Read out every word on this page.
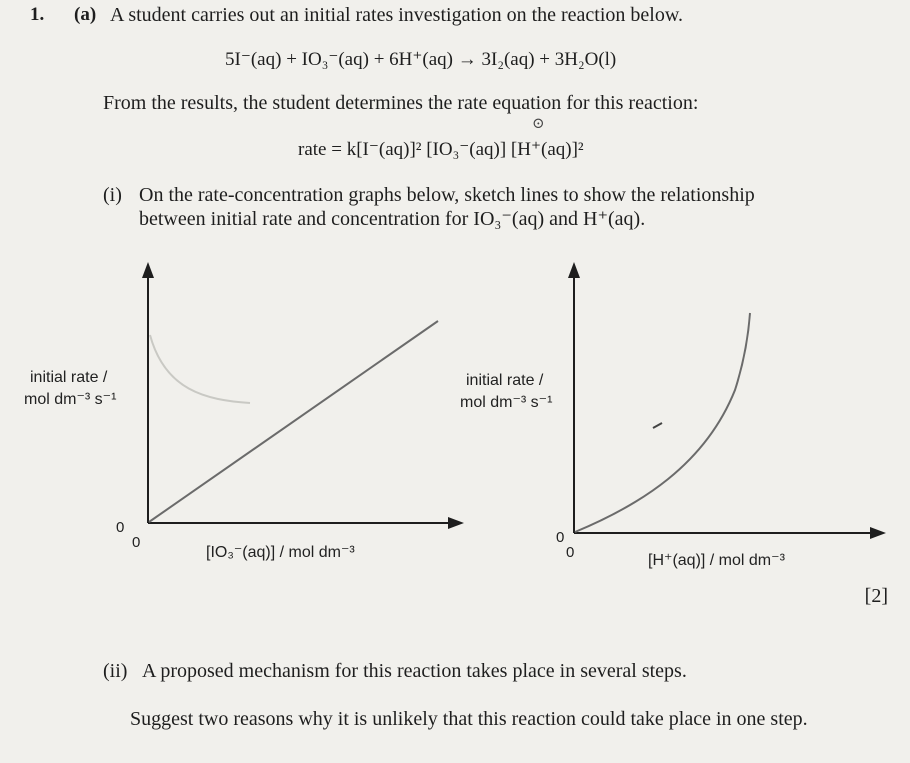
1. (a) A student carries out an initial rates investigation on the reaction below.
5I⁻(aq) + IO₃⁻(aq) + 6H⁺(aq) → 3I₂(aq) + 3H₂O(l)
From the results, the student determines the rate equation for this reaction:
⊙
rate = k[I⁻(aq)]² [IO₃⁻(aq)] [H⁺(aq)]²
(i) On the rate-concentration graphs below, sketch lines to show the relationship
between initial rate and concentration for IO₃⁻(aq) and H⁺(aq).
initial rate /
mol dm⁻³ s⁻¹
0
0
[IO₃⁻(aq)] / mol dm⁻³
initial rate /
mol dm⁻³ s⁻¹
0
0	[H⁺(aq)] / mol dm⁻³
[2]
(ii) A proposed mechanism for this reaction takes place in several steps.
Suggest two reasons why it is unlikely that this reaction could take place in one step.
